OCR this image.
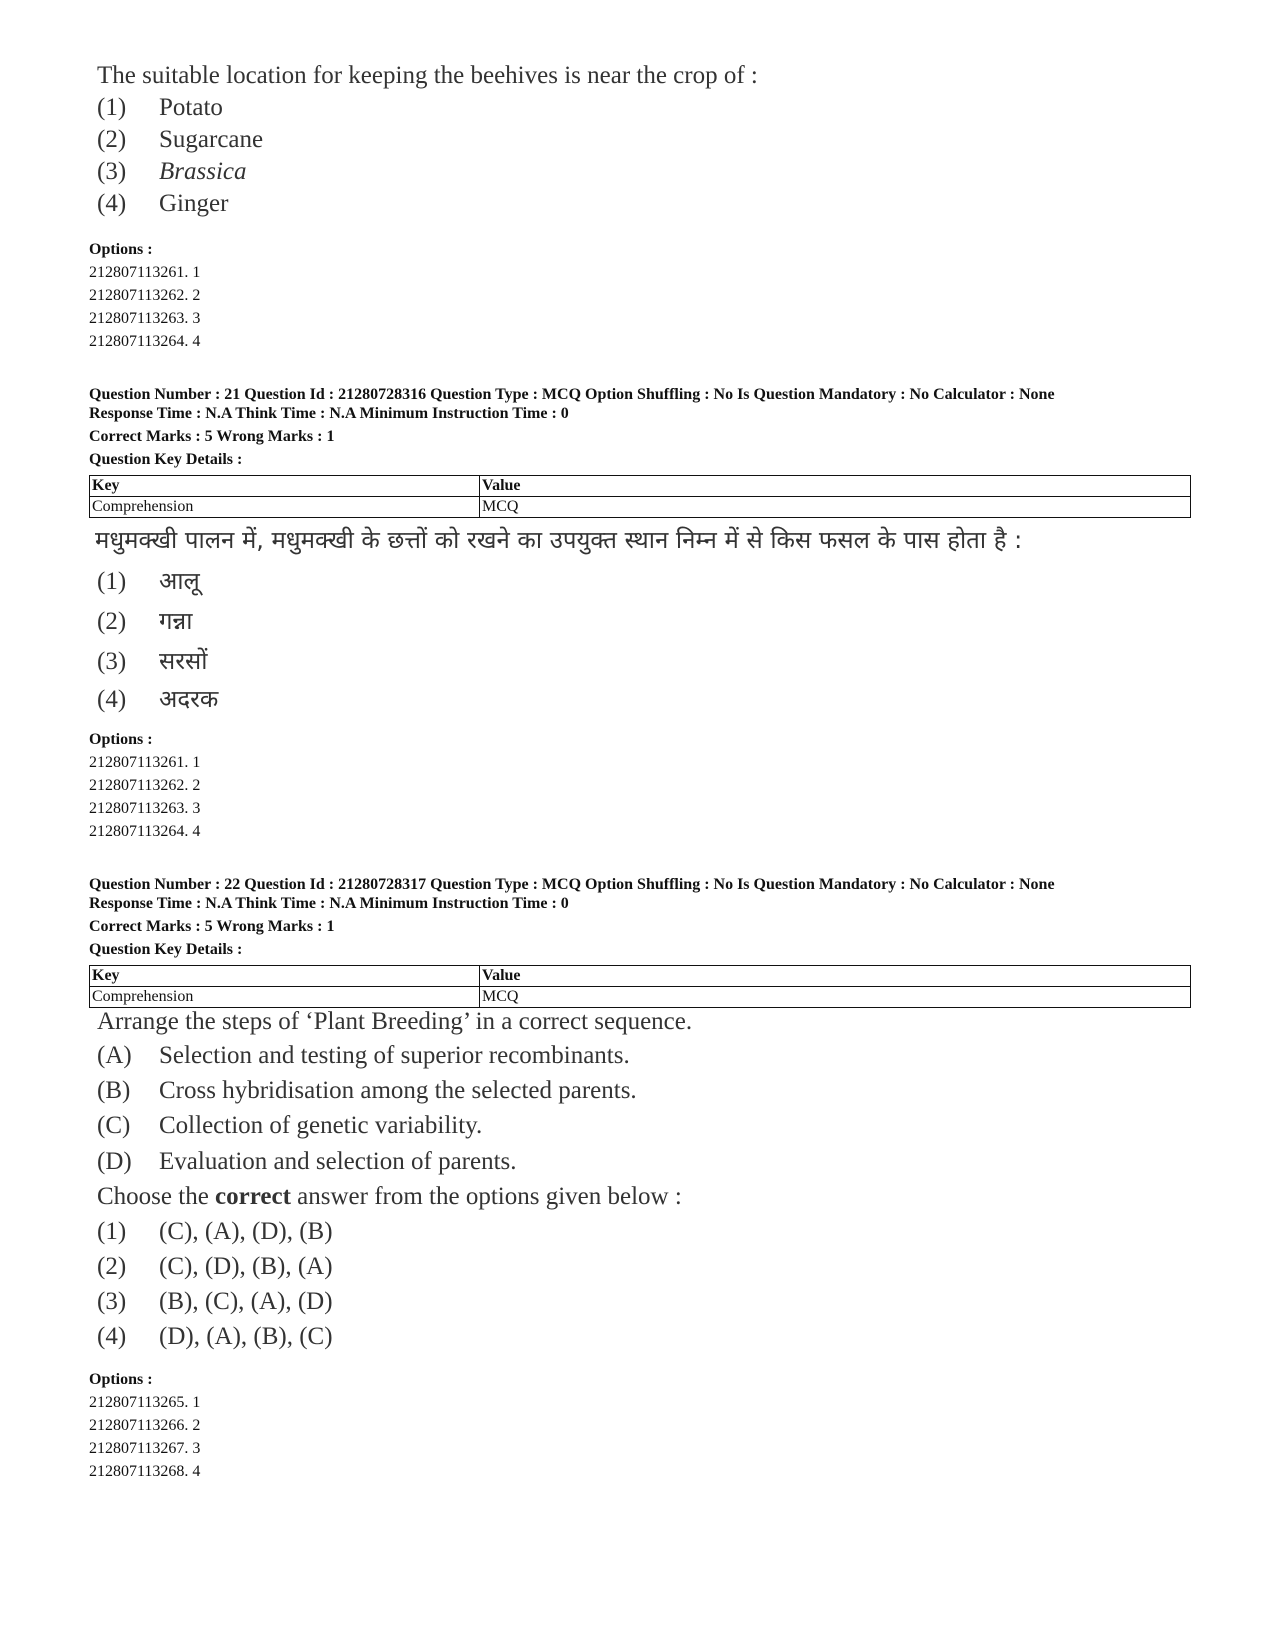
The suitable location for keeping the beehives is near the crop of :
(1) Potato
(2) Sugarcane
(3) Brassica
(4) Ginger
Options :
212807113261. 1
212807113262. 2
212807113263. 3
212807113264. 4
Question Number : 21 Question Id : 21280728316 Question Type : MCQ Option Shuffling : No Is Question Mandatory : No Calculator : None
Response Time : N.A Think Time : N.A Minimum Instruction Time : 0
Correct Marks : 5 Wrong Marks : 1
Question Key Details :
Key	Value
Comprehension	MCQ
मधुमक्खी पालन में, मधुमक्खी के छत्तों को रखने का उपयुक्त स्थान निम्न में से किस फसल के पास होता है :
(1) आलू
(2) गन्ना
(3) सरसों
(4) अदरक
Options :
212807113261. 1
212807113262. 2
212807113263. 3
212807113264. 4
Question Number : 22 Question Id : 21280728317 Question Type : MCQ Option Shuffling : No Is Question Mandatory : No Calculator : None
Response Time : N.A Think Time : N.A Minimum Instruction Time : 0
Correct Marks : 5 Wrong Marks : 1
Question Key Details :
Key	Value
Comprehension	MCQ
Arrange the steps of ‘Plant Breeding’ in a correct sequence.
(A) Selection and testing of superior recombinants.
(B) Cross hybridisation among the selected parents.
(C) Collection of genetic variability.
(D) Evaluation and selection of parents.
Choose the correct answer from the options given below :
(1) (C), (A), (D), (B)
(2) (C), (D), (B), (A)
(3) (B), (C), (A), (D)
(4) (D), (A), (B), (C)
Options :
212807113265. 1
212807113266. 2
212807113267. 3
212807113268. 4
